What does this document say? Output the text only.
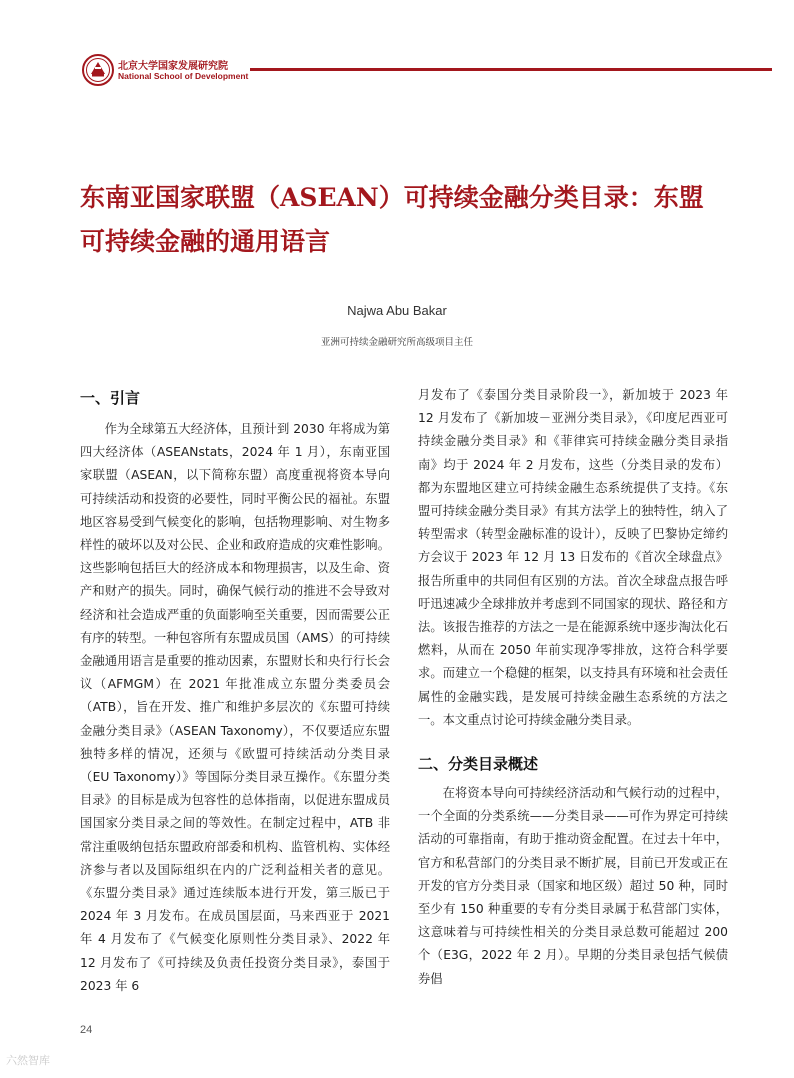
北京大学国家发展研究院
National School of Development
东南亚国家联盟（ASEAN）可持续金融分类目录：东盟可持续金融的通用语言
Najwa Abu Bakar
亚洲可持续金融研究所高级项目主任
一、引言

作为全球第五大经济体，且预计到 2030 年将成为第四大经济体（ASEANstats，2024 年 1 月），东南亚国家联盟（ASEAN，以下简称东盟）高度重视将资本导向可持续活动和投资的必要性，同时平衡公民的福祉。东盟地区容易受到气候变化的影响，包括物理影响、对生物多样性的破坏以及对公民、企业和政府造成的灾难性影响。这些影响包括巨大的经济成本和物理损害，以及生命、资产和财产的损失。同时，确保气候行动的推进不会导致对经济和社会造成严重的负面影响至关重要，因而需要公正有序的转型。一种包容所有东盟成员国（AMS）的可持续金融通用语言是重要的推动因素，东盟财长和央行行长会议（AFMGM）在 2021 年批准成立东盟分类委员会（ATB），旨在开发、推广和维护多层次的《东盟可持续金融分类目录》（ASEAN Taxonomy），不仅要适应东盟独特多样的情况，还须与《欧盟可持续活动分类目录（EU Taxonomy）》等国际分类目录互操作。《东盟分类目录》的目标是成为包容性的总体指南，以促进东盟成员国国家分类目录之间的等效性。在制定过程中，ATB 非常注重吸纳包括东盟政府部委和机构、监管机构、实体经济参与者以及国际组织在内的广泛利益相关者的意见。《东盟分类目录》通过连续版本进行开发，第三版已于 2024 年 3 月发布。在成员国层面，马来西亚于 2021 年 4 月发布了《气候变化原则性分类目录》、2022 年 12 月发布了《可持续及负责任投资分类目录》，泰国于 2023 年 6

月发布了《泰国分类目录阶段一》，新加坡于 2023 年 12 月发布了《新加坡－亚洲分类目录》，《印度尼西亚可持续金融分类目录》和《菲律宾可持续金融分类目录指南》均于 2024 年 2 月发布，这些（分类目录的发布）都为东盟地区建立可持续金融生态系统提供了支持。《东盟可持续金融分类目录》有其方法学上的独特性，纳入了转型需求（转型金融标准的设计），反映了巴黎协定缔约方会议于 2023 年 12 月 13 日发布的《首次全球盘点》报告所重申的共同但有区别的方法。首次全球盘点报告呼吁迅速减少全球排放并考虑到不同国家的现状、路径和方法。该报告推荐的方法之一是在能源系统中逐步淘汰化石燃料，从而在 2050 年前实现净零排放，这符合科学要求。而建立一个稳健的框架，以支持具有环境和社会责任属性的金融实践，是发展可持续金融生态系统的方法之一。本文重点讨论可持续金融分类目录。

二、分类目录概述

在将资本导向可持续经济活动和气候行动的过程中，一个全面的分类系统——分类目录——可作为界定可持续活动的可靠指南，有助于推动资金配置。在过去十年中，官方和私营部门的分类目录不断扩展，目前已开发或正在开发的官方分类目录（国家和地区级）超过 50 种，同时至少有 150 种重要的专有分类目录属于私营部门实体，这意味着与可持续性相关的分类目录总数可能超过 200 个（E3G，2022 年 2 月）。早期的分类目录包括气候债券倡

24
六然智库
